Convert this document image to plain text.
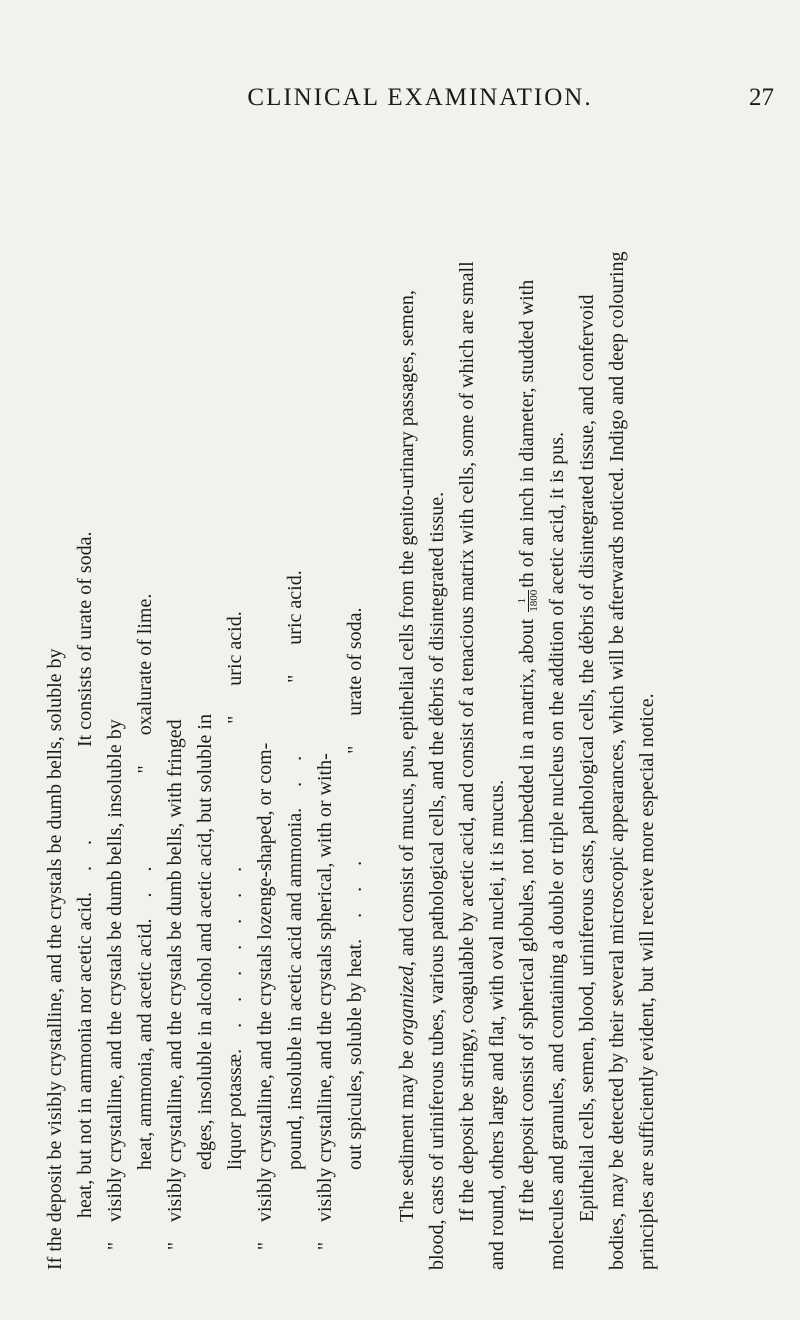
CLINICAL EXAMINATION.	27
If the deposit be visibly crystalline, and the crystals be dumb bells, soluble by heat, but not in ammonia nor acetic acid. . .It consists of urate of soda.
"visibly crystalline, and the crystals be dumb bells, insoluble by heat, ammonia, and acetic acid. . ."      oxalurate of lime.
"visibly crystalline, and the crystals be dumb bells, with fringed edges, insoluble in alcohol and acetic acid, but soluble in liquor potassæ. . . . . . . ."      uric acid.
"visibly crystalline, and the crystals lozenge-shaped, or com- pound, insoluble in acetic acid and ammonia. . ."      uric acid.
"visibly crystalline, and the crystals spherical, with or with- out spicules, soluble by heat. . . ."      urate of soda.
The sediment may be organized, and consist of mucus, pus, epithelial cells from the genito-urinary passages, semen, blood, casts of uriniferous tubes, various pathological cells, and the débris of disintegrated tissue. If the deposit be stringy, coagulable by acetic acid, and consist of a tenacious matrix with cells, some of which are small and round, others large and flat, with oval nuclei, it is mucus. If the deposit consist of spherical globules, not imbedded in a matrix, about
1 1800
th of an inch in diameter, studded with molecules and granules, and containing a double or triple nucleus on the addition of acetic acid, it is pus. Epithelial cells, semen, blood, uriniferous casts, pathological cells, the débris of disintegrated tissue, and confervoid bodies, may be detected by their several microscopic appearances, which will be afterwards noticed. Indigo and deep colouring principles are sufficiently evident, but will receive more especial notice.
